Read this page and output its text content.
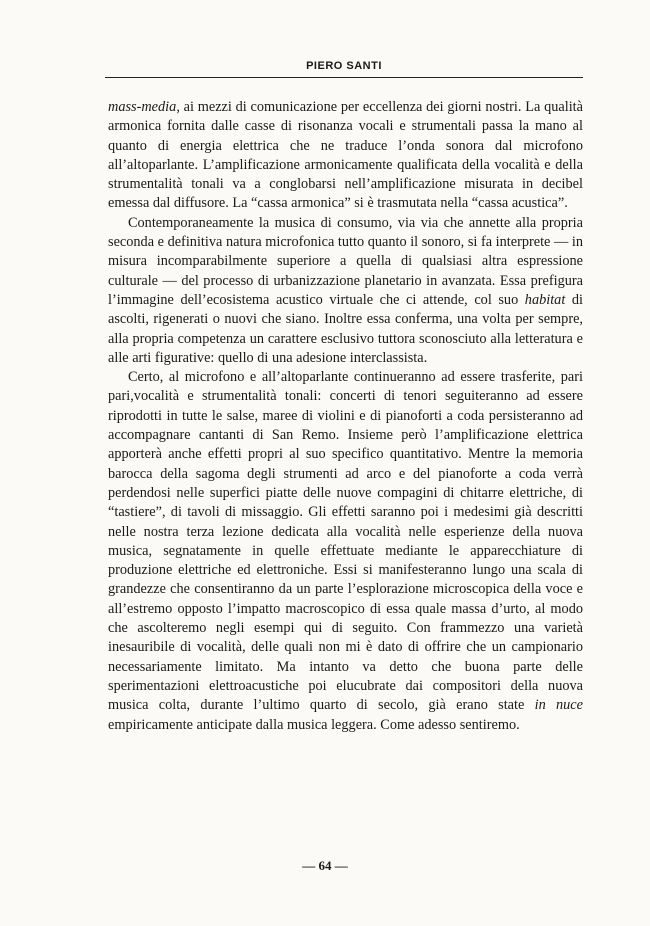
PIERO SANTI

mass-media, ai mezzi di comunicazione per eccellenza dei giorni nostri. La qualità armonica fornita dalle casse di risonanza vocali e strumentali passa la mano al quanto di energia elettrica che ne traduce l’onda sonora dal microfono all’altoparlante. L’amplificazione armonicamente qualificata della vocalità e della strumentalità tonali va a conglobarsi nell’amplificazione misurata in decibel emessa dal diffusore. La “cassa armonica” si è trasmutata nella “cassa acustica”.

Contemporaneamente la musica di consumo, via via che annette alla propria seconda e definitiva natura microfonica tutto quanto il sonoro, si fa interprete — in misura incomparabilmente superiore a quella di qualsiasi altra espressione culturale — del processo di urbanizzazione planetario in avanzata. Essa prefigura l’immagine dell’ecosistema acustico virtuale che ci attende, col suo habitat di ascolti, rigenerati o nuovi che siano. Inoltre essa conferma, una volta per sempre, alla propria competenza un carattere esclusivo tuttora sconosciuto alla letteratura e alle arti figurative: quello di una adesione interclassista.

Certo, al microfono e all’altoparlante continueranno ad essere trasferite, pari pari,vocalità e strumentalità tonali: concerti di tenori seguiteranno ad essere riprodotti in tutte le salse, maree di violini e di pianoforti a coda persisteranno ad accompagnare cantanti di San Remo. Insieme però l’amplificazione elettrica apporterà anche effetti propri al suo specifico quantitativo. Mentre la memoria barocca della sagoma degli strumenti ad arco e del pianoforte a coda verrà perdendosi nelle superfici piatte delle nuove compagini di chitarre elettriche, di “tastiere”, di tavoli di missaggio. Gli effetti saranno poi i medesimi già descritti nelle nostra terza lezione dedicata alla vocalità nelle esperienze della nuova musica, segnatamente in quelle effettuate mediante le apparecchiature di produzione elettriche ed elettroniche. Essi si manifesteranno lungo una scala di grandezze che consentiranno da un parte l’esplorazione microscopica della voce e all’estremo opposto l’impatto macroscopico di essa quale massa d’urto, al modo che ascolteremo negli esempi qui di seguito. Con frammezzo una varietà inesauribile di vocalità, delle quali non mi è dato di offrire che un campionario necessariamente limitato. Ma intanto va detto che buona parte delle sperimentazioni elettroacustiche poi elucubrate dai compositori della nuova musica colta, durante l’ultimo quarto di secolo, già erano state in nuce empiricamente anticipate dalla musica leggera. Come adesso sentiremo.

— 64 —
